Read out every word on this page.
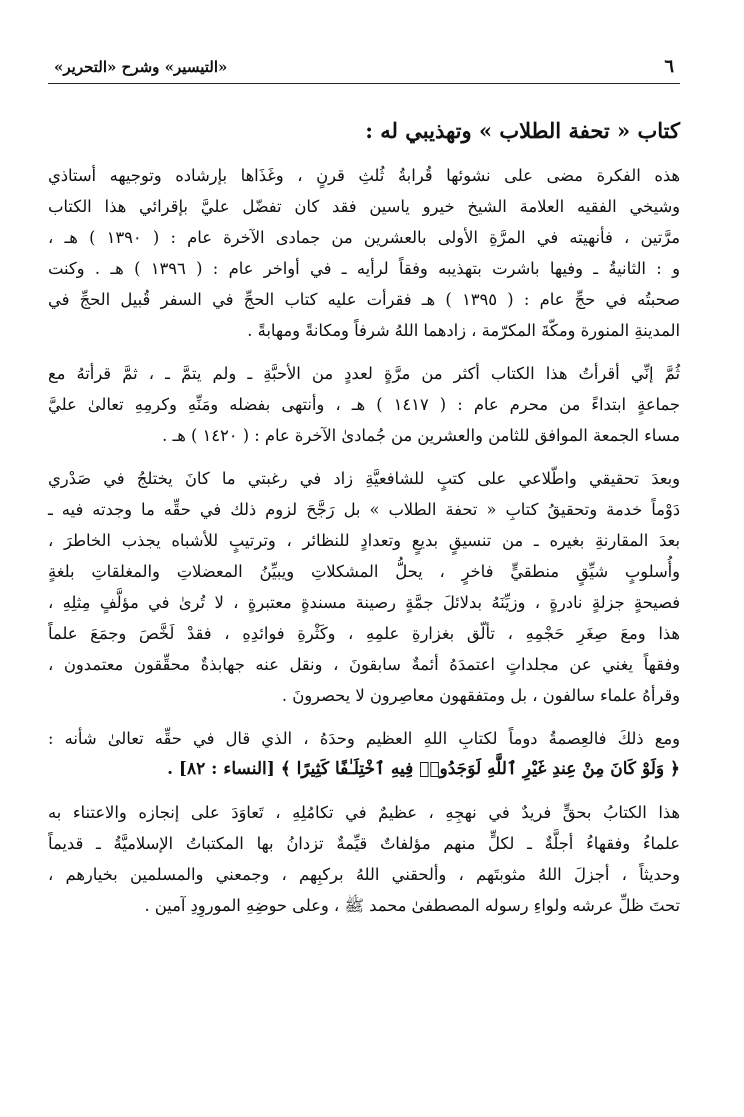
٦
«التيسير» وشرح «التحرير»
كتاب « تحفة الطلاب » وتهذيبي له :
هذه الفكرة مضى على نشوئها قُرابةُ ثُلثِ قرنٍ ، وغَذَاها بإرشاده وتوجيهه أستاذي
وشيخي الفقيه العلامة الشيخ خيرو ياسين فقد كان تفضّل عليَّ بإقرائي هذا الكتاب
مرَّتين ، فأنهيته في المرَّةِ الأولى بالعشرين من جمادى الآخرة عام : ( ١٣٩٠ ) هـ ،
و : الثانيةُ ـ وفيها باشرت بتهذيبه وفقاً لرأيه ـ في أواخر عام : ( ١٣٩٦ ) هـ . وكنت
صحبتُه في حجِّ عام : ( ١٣٩٥ ) هـ فقرأت عليه كتاب الحجِّ في السفر قُبيل الحجِّ في
المدينةِ المنورة ومكّةَ المكرّمة ، زادهما اللهُ شرفاً ومكانةً ومهابةً .
ثُمَّ إنِّي أقرأتُ هذا الكتاب أكثر من مرَّةٍ لعددٍ من الأحبَّةِ ـ ولم يتمَّ ـ ، ثمَّ قرأتهُ مع
جماعةٍ ابتداءً من محرم عام : ( ١٤١٧ ) هـ ، وأنتهى بفضله ومَنِّهِ وكرمِهِ تعالىٰ عليَّ
مساء الجمعة الموافق للثامن والعشرين من جُمادىٰ الآخرة عام : ( ١٤٢٠ ) هـ .
وبعدَ تحقيقي واطّلاعي على كتبٍ للشافعيَّةِ زاد في رغبتي ما كانَ يختلجُ في صَدْري
دَوْماً خدمة وتحقيقُ كتابِ « تحفة الطلاب » بل رَجَّحَ لزوم ذلك في حقِّه ما وجدته فيه ـ
بعدَ المقارنةِ بغيره ـ من تنسيقٍ بديعٍ وتعدادٍ للنظائر ، وترتيبٍ للأشباه يجذب الخاطرَ ،
وأُسلوبٍ شيِّقٍ منطقيٍّ فاخرٍ ، يحلُّ المشكلاتِ ويبيِّنُ المعضلاتِ والمغلقاتِ بلغةٍ
فصيحةٍ جزلةٍ نادرةٍ ، وزيِّنَهُ بدلائلَ جمَّةٍ رصينة مسندةٍ معتبرةٍ ، لا تُرىٰ في مؤلَّفٍ مِثلِهِ ،
هذا ومعَ صِغَرِ حَجْمِهِ ، تألّق بغزارةِ علمِهِ ، وكَثْرةِ فوائدِهِ ، فقدْ لَخَّصَ وجمَعَ علماً
وفقهاً يغني عن مجلداتٍ اعتمدَهُ أئمةٌ سابقونَ ، ونقل عنه جهابذةٌ محقِّقون معتمدون ،
وقرأهُ علماء سالفون ، بل ومتفقهون معاصِرون لا يحصرونَ .
ومع ذلكَ فالعِصمةُ دوماً لكتابِ اللهِ العظيم وحدَهُ ، الذي قال في حقِّه تعالىٰ شأنه :
﴿ وَلَوْ كَانَ مِنْ عِندِ غَيْرِ ٱللَّهِ لَوَجَدُوا۟ فِيهِ ٱخْتِلَـٰفًا كَثِيرًا ﴾ [النساء : ٨٢] .
هذا الكتابُ بحقٍّ فريدٌ في نهجِهِ ، عظيمٌ في تكامُلِهِ ، تَعاوَدَ على إنجازه والاعتناء به
علماءُ وفقهاءُ أجلَّةٌ ـ لكلٍّ منهم مؤلفاتٌ قيِّمةٌ تزدانُ بها المكتباتُ الإسلاميَّةُ ـ قديماً
وحديثاً ، أجزلَ اللهُ مثوبتَهم ، وألحقني اللهُ بركبِهم ، وجمعني والمسلمين بخيارهم ،
تحتَ ظلِّ عرشه ولواءِ رسوله المصطفىٰ محمد ﷺ ، وعلى حوضِهِ الموروِدِ آمين .
